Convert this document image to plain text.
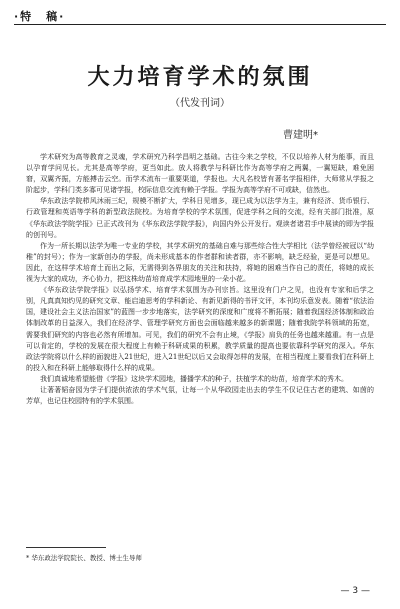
·特　稿·
大力培育学术的氛围
（代发刊词）
曹建明*

学术研究为高等教育之灵魂，学术研究乃科学昌明之基础。古往今来之学校，不仅以培养人材为能事，而且以孕育学问见长。尤其是高等学府，更当如此。放人将教学与科研比作为高等学府之两翼，一翼短缺，难免困窘，双翼齐振，方能搏击云空。而学术流布一重要渠道，学报也。大凡名校皆有著名学报相伴，大师常从学报之阶起步，学科门类多寡可见诸学报，校际信息交流有赖于学报。学报为高等学府不可或缺，信然也。

华东政法学院栉风沐雨三纪，规模不断扩大，学科日见增多，现已成为以法学为主，兼有经济、货币银行、行政管理和英语等学科的新型政法院校。为培育学校的学术氛围，促进学科之间的交流，经有关部门批准，原《华东政法学院学报》已正式改刊为《华东政法学院学报》，向国内外公开发行。观读者诸君手中展读的即为学报的创刊号。

作为一所长期以法学为唯一专业的学校，其学术研究的基础自难与那些综合性大学相比（法学曾经被冠以“幼稚”的封号）；作为一家新创办的学报，尚未形成基本的作者群和读者群，亦不影响，缺乏经验，更是可以想见。因此，在这样学术培育土而出之际，无需得到各界朋友的关注和扶持，将她的困难当作自己的责任，将她的成长视为大家的成功，齐心协力，把这株幼苗培育成学术园地里的一朵小花。

《华东政法学院学报》以弘扬学术、培育学术氛围为办刊宗旨。这里没有门户之见，也没有专家和后学之别，凡真真知灼见的研究文章、能启迪思考的学科新论、有新见新得的书评文评，本刊均乐意发表。随着“依法治国，建设社会主义法治国家”的蓝图一步步地落实，法学研究的深度和广度将不断拓展；随着我国经济体制和政治体制改革的日益深入，我们在经济学、管理学研究方面也会面临越来越多的新课题；随着我院学科领域的拓宽，需要我们研究的内容也必然有所增加。可见，我们的研究不会有止境，《学报》肩负的任务也越来越重。有一点是可以肯定的，学校的发展在很大程度上有赖于科研成果的积累，教学质量的提高也要依靠科学研究的深入。华东政法学院将以什么样的面貌进入21世纪，进入21世纪以后又会取得怎样的发展，在相当程度上要看我们在科研上的投入和在科研上能够取得什么样的成果。

我们真诚地希望能借《学报》这块学术园地，播播学术的种子，扶植学术的幼苗，培育学术的秀木。

让著著韬奋园为学子们提供浓浓的学术气氛，让每一个从华政园走出去的学生不仅记住古老的建筑、如茵的芳草，也记住校园特有的学术氛围。

* 华东政法学院院长、教授、博士生导师
— 3 —
